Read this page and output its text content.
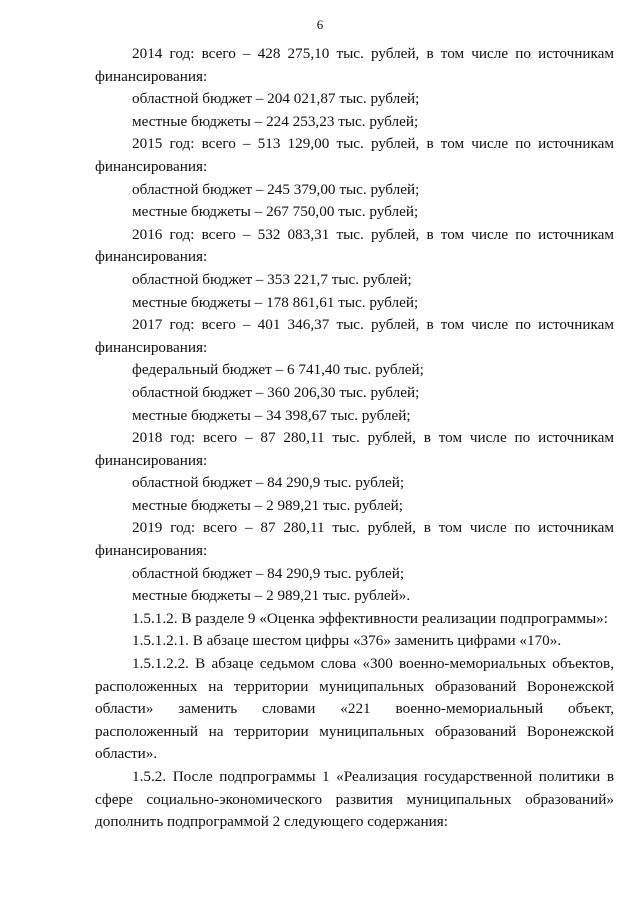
6
2014 год: всего – 428 275,10 тыс. рублей, в том числе по источникам
финансирования:
областной бюджет – 204 021,87 тыс. рублей;
местные бюджеты – 224 253,23 тыс. рублей;
2015 год: всего – 513 129,00 тыс. рублей, в том числе по источникам
финансирования:
областной бюджет – 245 379,00 тыс. рублей;
местные бюджеты – 267 750,00 тыс. рублей;
2016 год: всего – 532 083,31 тыс. рублей, в том числе по источникам
финансирования:
областной бюджет – 353 221,7 тыс. рублей;
местные бюджеты – 178 861,61 тыс. рублей;
2017 год: всего – 401 346,37 тыс. рублей, в том числе по источникам
финансирования:
федеральный бюджет – 6 741,40 тыс. рублей;
областной бюджет – 360 206,30 тыс. рублей;
местные бюджеты – 34 398,67 тыс. рублей;
2018 год: всего – 87 280,11 тыс. рублей, в том числе по источникам
финансирования:
областной бюджет – 84 290,9 тыс. рублей;
местные бюджеты – 2 989,21 тыс. рублей;
2019 год: всего – 87 280,11 тыс. рублей, в том числе по источникам
финансирования:
областной бюджет – 84 290,9 тыс. рублей;
местные бюджеты – 2 989,21 тыс. рублей».
1.5.1.2. В разделе 9 «Оценка эффективности реализации подпрограммы»:
1.5.1.2.1. В абзаце шестом цифры «376» заменить цифрами «170».

1.5.1.2.2. В абзаце седьмом слова «300 военно-мемориальных объектов, расположенных на территории муниципальных образований Воронежской области» заменить словами «221 военно-мемориальный объект, расположенный на территории муниципальных образований Воронежской области».

1.5.2. После подпрограммы 1 «Реализация государственной политики в сфере социально-экономического развития муниципальных образований» дополнить подпрограммой 2 следующего содержания:
